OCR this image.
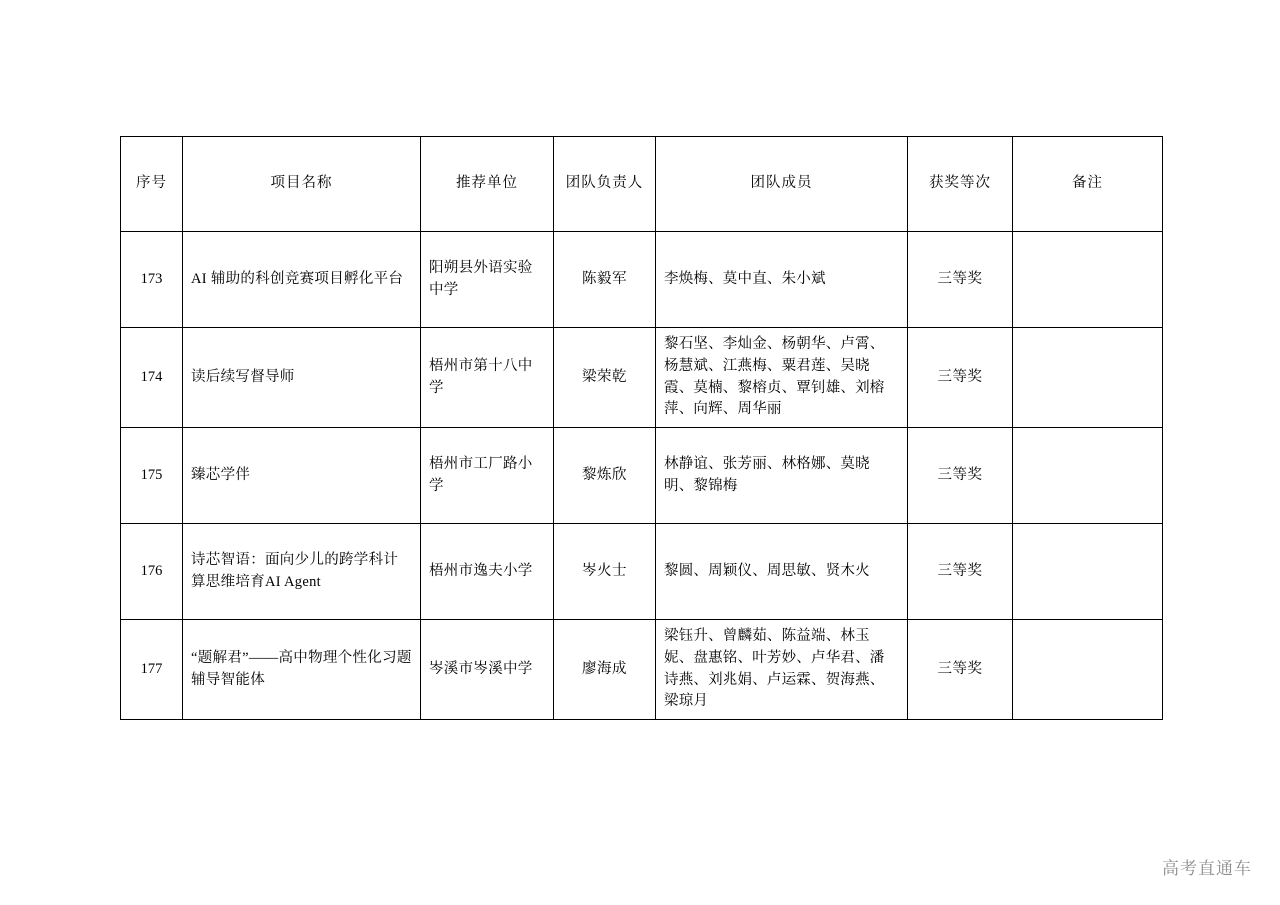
序号	项目名称	推荐单位	团队负责人	团队成员	获奖等次	备注
173	AI 辅助的科创竞赛项目孵化平台	阳朔县外语实验中学	陈毅军	李焕梅、莫中直、朱小斌	三等奖	
174	读后续写督导师	梧州市第十八中学	梁荣乾	黎石坚、李灿金、杨朝华、卢霄、杨慧斌、江燕梅、粟君莲、吴晓霞、莫楠、黎榕贞、覃钊雄、刘榕萍、向辉、周华丽	三等奖	
175	臻芯学伴	梧州市工厂路小学	黎炼欣	林静谊、张芳丽、林格娜、莫晓明、黎锦梅	三等奖	
176	诗芯智语：面向少儿的跨学科计算思维培育AI Agent	梧州市逸夫小学	岑火士	黎圆、周颖仪、周思敏、贤木火	三等奖	
177	“题解君”——高中物理个性化习题辅导智能体	岑溪市岑溪中学	廖海成	梁钰升、曾麟茹、陈益端、林玉妮、盘惠铭、叶芳妙、卢华君、潘诗燕、刘兆娟、卢运霖、贺海燕、梁琼月	三等奖	
高考直通车
